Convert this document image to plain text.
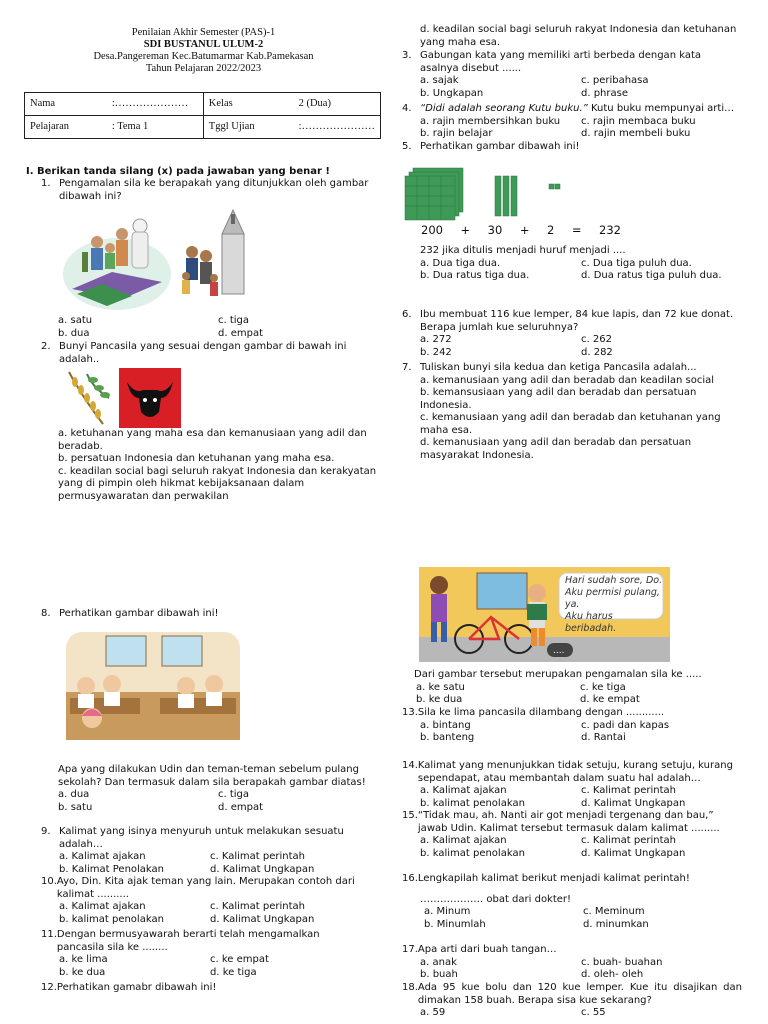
Penilaian Akhir Semester (PAS)-1
SDI BUSTANUL ULUM-2
Desa.Pangereman Kec.Batumarmar Kab.Pamekasan
Tahun Pelajaran 2022/2023
Nama	:…………………	Kelas	2 (Dua)
Pelajaran	: Tema 1	Tggl Ujian	:…………………
I. Berikan tanda silang (x) pada jawaban yang benar !
1. Pengamalan sila ke berapakah yang ditunjukkan oleh gambar dibawah ini?
a. satu	c. tiga
b. dua	d. empat
2. Bunyi Pancasila yang sesuai dengan gambar di bawah ini adalah..
a. ketuhanan yang maha esa dan kemanusiaan yang adil dan beradab.
b. persatuan Indonesia dan ketuhanan yang maha esa.
c. keadilan social bagi seluruh rakyat Indonesia dan kerakyatan yang di pimpin oleh hikmat kebijaksanaan dalam permusyawaratan dan perwakilan
8. Perhatikan gambar dibawah ini!
Apa yang dilakukan Udin dan teman-teman sebelum pulang sekolah? Dan termasuk dalam sila berapakah gambar diatas!
a. dua	c. tiga
b. satu	d. empat
9. Kalimat yang isinya menyuruh untuk melakukan sesuatu adalah…
a. Kalimat ajakan	c. Kalimat perintah
b. Kalimat Penolakan	d. Kalimat Ungkapan
10. Ayo, Din. Kita ajak teman yang lain. Merupakan contoh dari kalimat ..........
a. Kalimat ajakan	c. Kalimat perintah
b. kalimat penolakan	d. Kalimat Ungkapan
11. Dengan bermusyawarah berarti telah mengamalkan pancasila sila ke ........
a. ke lima	c. ke empat
b. ke dua	d. ke tiga
12. Perhatikan gamabr dibawah ini!
d. keadilan social bagi seluruh rakyat Indonesia dan ketuhanan yang maha esa.
3. Gabungan kata yang memiliki arti berbeda dengan kata asalnya disebut ......
a. sajak	c. peribahasa
b. Ungkapan	d. phrase
4. “Didi adalah seorang Kutu buku.” Kutu buku mempunyai arti…
a. rajin membersihkan buku	c. rajin membaca buku
b. rajin belajar	d. rajin membeli buku
5. Perhatikan gambar dibawah ini!
200 + 30 + 2 = 232
232 jika ditulis menjadi huruf menjadi ....
a. Dua tiga dua.	c. Dua tiga puluh dua.
b. Dua ratus tiga dua.	d. Dua ratus tiga puluh dua.
6. Ibu membuat 116 kue lemper, 84 kue lapis, dan 72 kue donat. Berapa jumlah kue seluruhnya?
a. 272	c. 262
b. 242	d. 282
7. Tuliskan bunyi sila kedua dan ketiga Pancasila adalah...
a. kemanusiaan yang adil dan beradab dan keadilan social
b. kemansusiaan yang adil dan beradab dan persatuan Indonesia.
c. kemanusiaan yang adil dan beradab dan ketuhanan yang maha esa.
d. kemanusiaan yang adil dan beradab dan persatuan masyarakat Indonesia.
....
Hari sudah sore, Do.
Aku permisi pulang, ya.
Aku harus beribadah.
Dari gambar tersebut merupakan pengamalan sila ke .....
a. ke satu	c. ke tiga
b. ke dua	d. ke empat
13. Sila ke lima pancasila dilambang dengan ............
a. bintang	c. padi dan kapas
b. banteng	d. Rantai
14. Kalimat yang menunjukkan tidak setuju, kurang setuju, kurang sependapat, atau membantah dalam suatu hal adalah…
a. Kalimat ajakan	c. Kalimat perintah
b. kalimat penolakan	d. Kalimat Ungkapan
15. “Tidak mau, ah. Nanti air got menjadi tergenang dan bau,” jawab Udin. Kalimat tersebut termasuk dalam kalimat .........
a. Kalimat ajakan	c. Kalimat perintah
b. kalimat penolakan	d. Kalimat Ungkapan
16. Lengkapilah kalimat berikut menjadi kalimat perintah!
………………. obat dari dokter!
a. Minum	c. Meminum
b. Minumlah	d. minumkan
17. Apa arti dari buah tangan…
a. anak	c. buah- buahan
b. buah	d. oleh- oleh
18. Ada 95 kue bolu dan 120 kue lemper. Kue itu disajikan dan dimakan 158 buah. Berapa sisa kue sekarang?
a. 59	c. 55
